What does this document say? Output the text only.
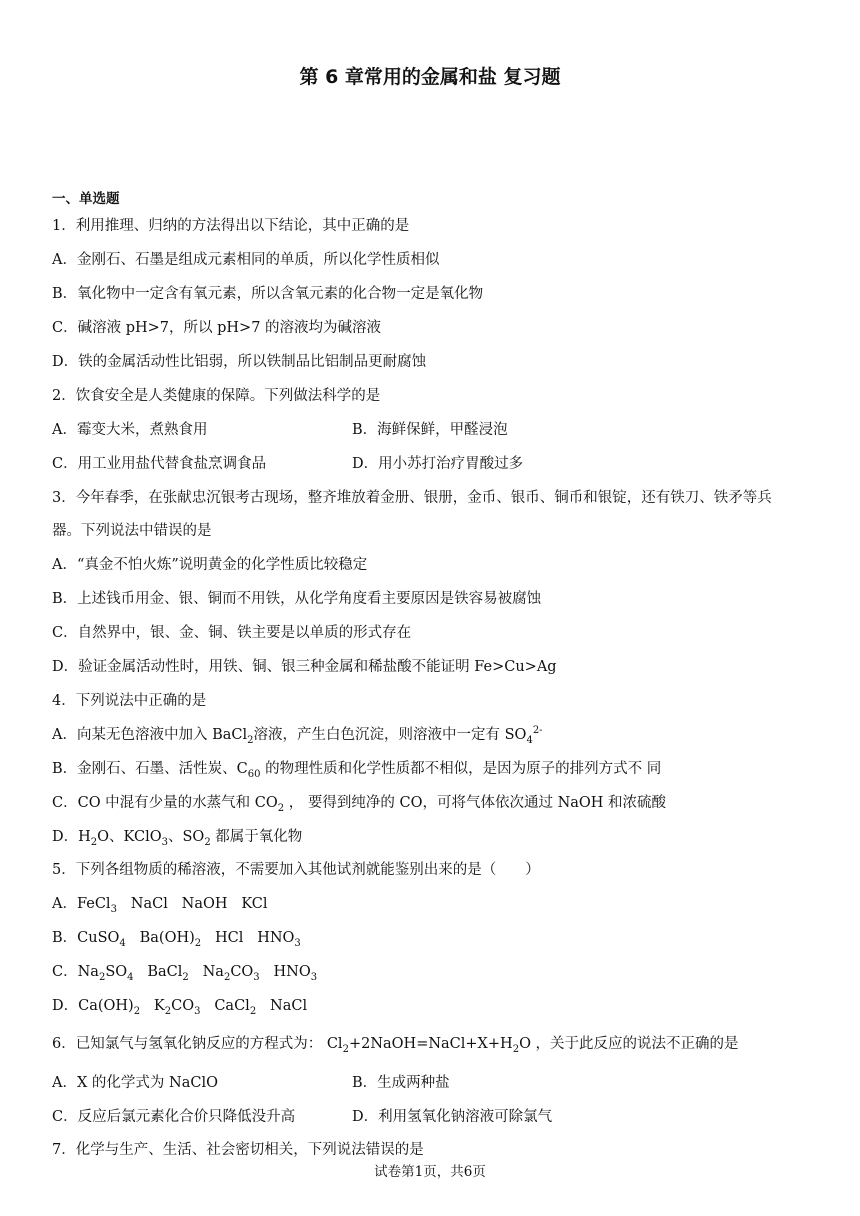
第 6 章常用的金属和盐 复习题
一、单选题
1．利用推理、归纳的方法得出以下结论，其中正确的是
A．金刚石、石墨是组成元素相同的单质，所以化学性质相似
B．氧化物中一定含有氧元素，所以含氧元素的化合物一定是氧化物
C．碱溶液 pH>7，所以 pH>7 的溶液均为碱溶液
D．铁的金属活动性比铝弱，所以铁制品比铝制品更耐腐蚀
2．饮食安全是人类健康的保障。下列做法科学的是
A．霉变大米，煮熟食用	B．海鲜保鲜，甲醛浸泡
C．用工业用盐代替食盐烹调食品	D．用小苏打治疗胃酸过多
3．今年春季，在张献忠沉银考古现场，整齐堆放着金册、银册，金币、银币、铜币和银锭，还有铁刀、铁矛等兵
器。下列说法中错误的是
A．“真金不怕火炼”说明黄金的化学性质比较稳定
B．上述钱币用金、银、铜而不用铁，从化学角度看主要原因是铁容易被腐蚀
C．自然界中，银、金、铜、铁主要是以单质的形式存在
D．验证金属活动性时，用铁、铜、银三种金属和稀盐酸不能证明 Fe>Cu>Ag
4．下列说法中正确的是
A．向某无色溶液中加入 BaCl$_2$溶液，产生白色沉淀，则溶液中一定有 $SO_4^{2-}$
B．金刚石、石墨、活性炭、$C_{60}$ 的物理性质和化学性质都不相似，是因为原子的排列方式不 同
C．CO 中混有少量的水蒸气和 $CO_2$ ， 要得到纯净的 CO，可将气体依次通过 NaOH 和浓硫酸
D．$H_2O$、KClO$_3$、$SO_2$ 都属于氧化物
5．下列各组物质的稀溶液，不需要加入其他试剂就能鉴别出来的是（　　）
A．FeCl$_3$   NaCl   NaOH   KCl
B．CuSO$_4$   $Ba(OH)_2$   HCl   $HNO_3$
C．$Na_2SO_4$   BaCl$_2$   $Na_2CO_3$   $HNO_3$
D．$Ca(OH)_2$   $K_2CO_3$   CaCl$_2$   NaCl
6．已知氯气与氢氧化钠反应的方程式为： $Cl_2+2NaOH=NaCl+X+H_2O$ ，关于此反应的说法不正确的是
A．X 的化学式为 NaClO	B．生成两种盐
C．反应后氯元素化合价只降低没升高	D．利用氢氧化钠溶液可除氯气
7．化学与生产、生活、社会密切相关，下列说法错误的是
试卷第1页，共6页
